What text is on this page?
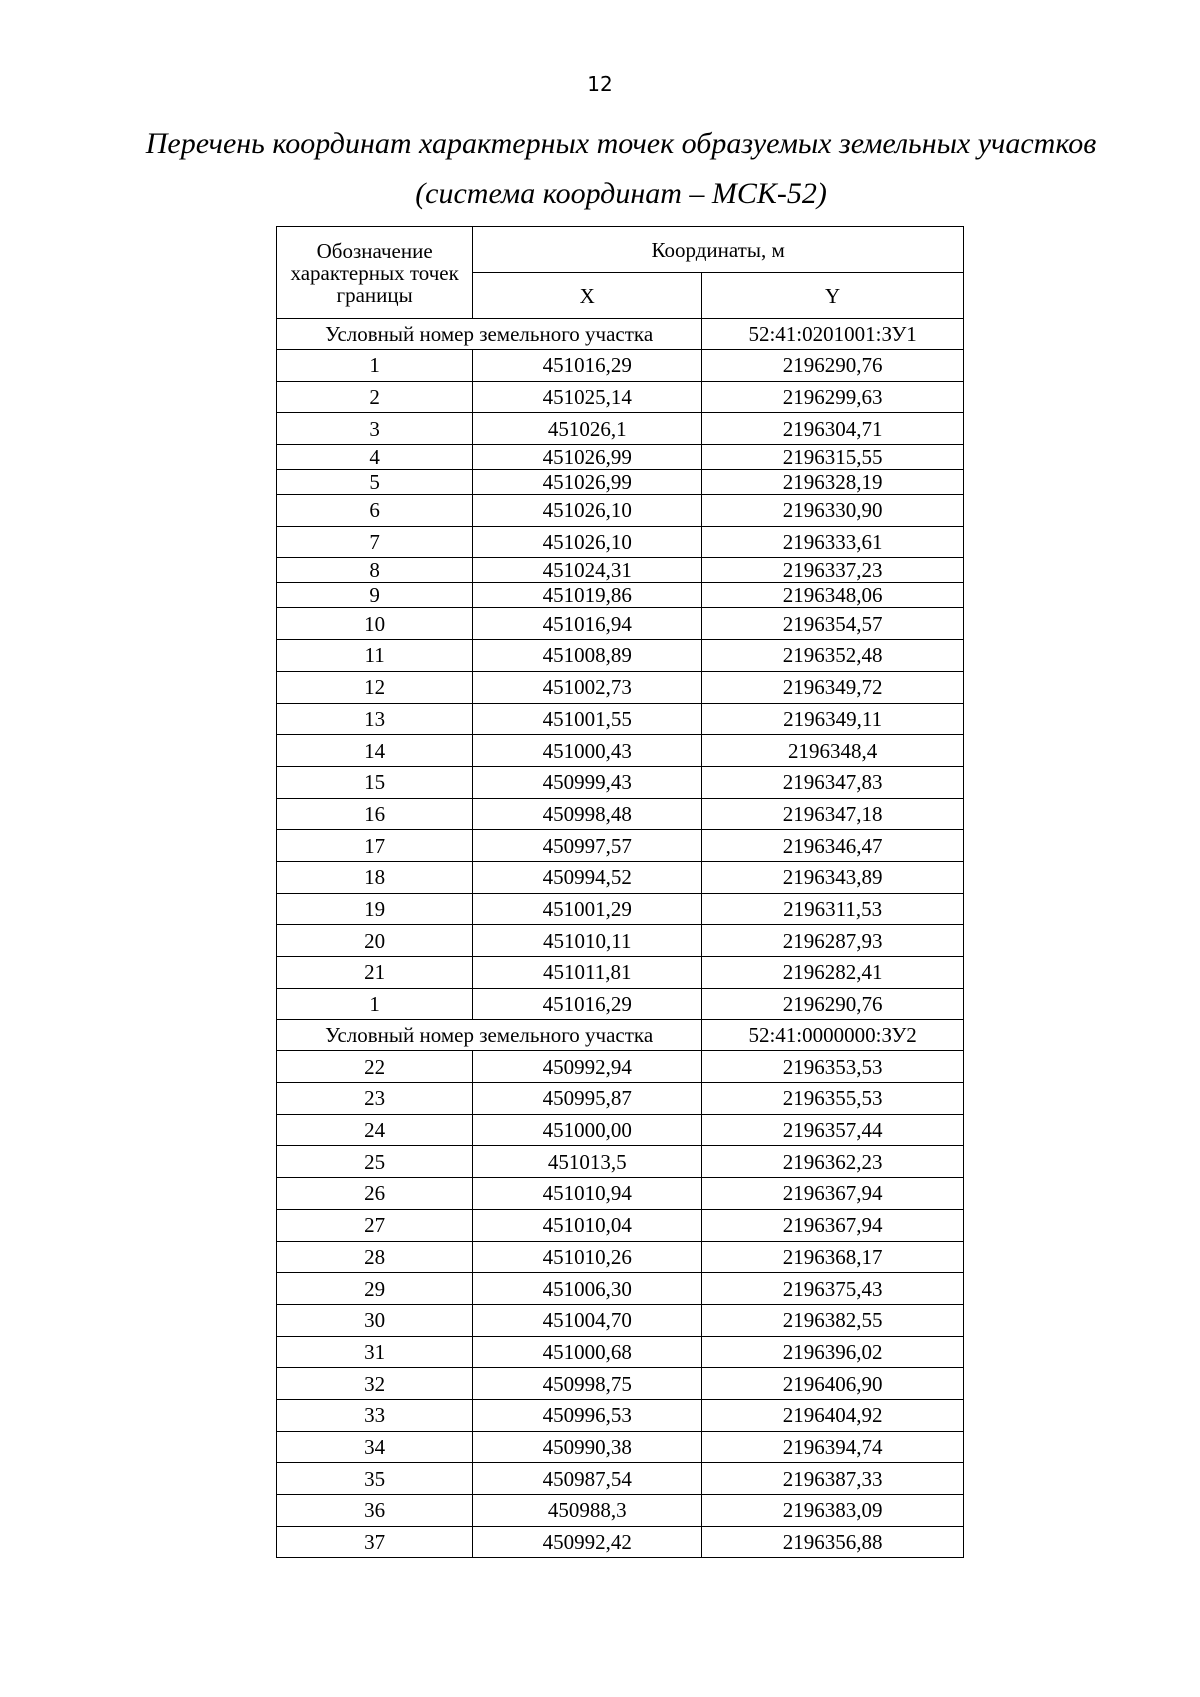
12
Перечень координат характерных точек образуемых земельных участков
(система координат – МСК-52)
Обозначение характерных точек границы	Координаты, м	
	X	Y
Условный номер земельного участка		52:41:0201001:ЗУ1
1	451016,29	2196290,76
2	451025,14	2196299,63
3	451026,1	2196304,71
4	451026,99	2196315,55
5	451026,99	2196328,19
6	451026,10	2196330,90
7	451026,10	2196333,61
8	451024,31	2196337,23
9	451019,86	2196348,06
10	451016,94	2196354,57
11	451008,89	2196352,48
12	451002,73	2196349,72
13	451001,55	2196349,11
14	451000,43	2196348,4
15	450999,43	2196347,83
16	450998,48	2196347,18
17	450997,57	2196346,47
18	450994,52	2196343,89
19	451001,29	2196311,53
20	451010,11	2196287,93
21	451011,81	2196282,41
1	451016,29	2196290,76
Условный номер земельного участка		52:41:0000000:ЗУ2
22	450992,94	2196353,53
23	450995,87	2196355,53
24	451000,00	2196357,44
25	451013,5	2196362,23
26	451010,94	2196367,94
27	451010,04	2196367,94
28	451010,26	2196368,17
29	451006,30	2196375,43
30	451004,70	2196382,55
31	451000,68	2196396,02
32	450998,75	2196406,90
33	450996,53	2196404,92
34	450990,38	2196394,74
35	450987,54	2196387,33
36	450988,3	2196383,09
37	450992,42	2196356,88
